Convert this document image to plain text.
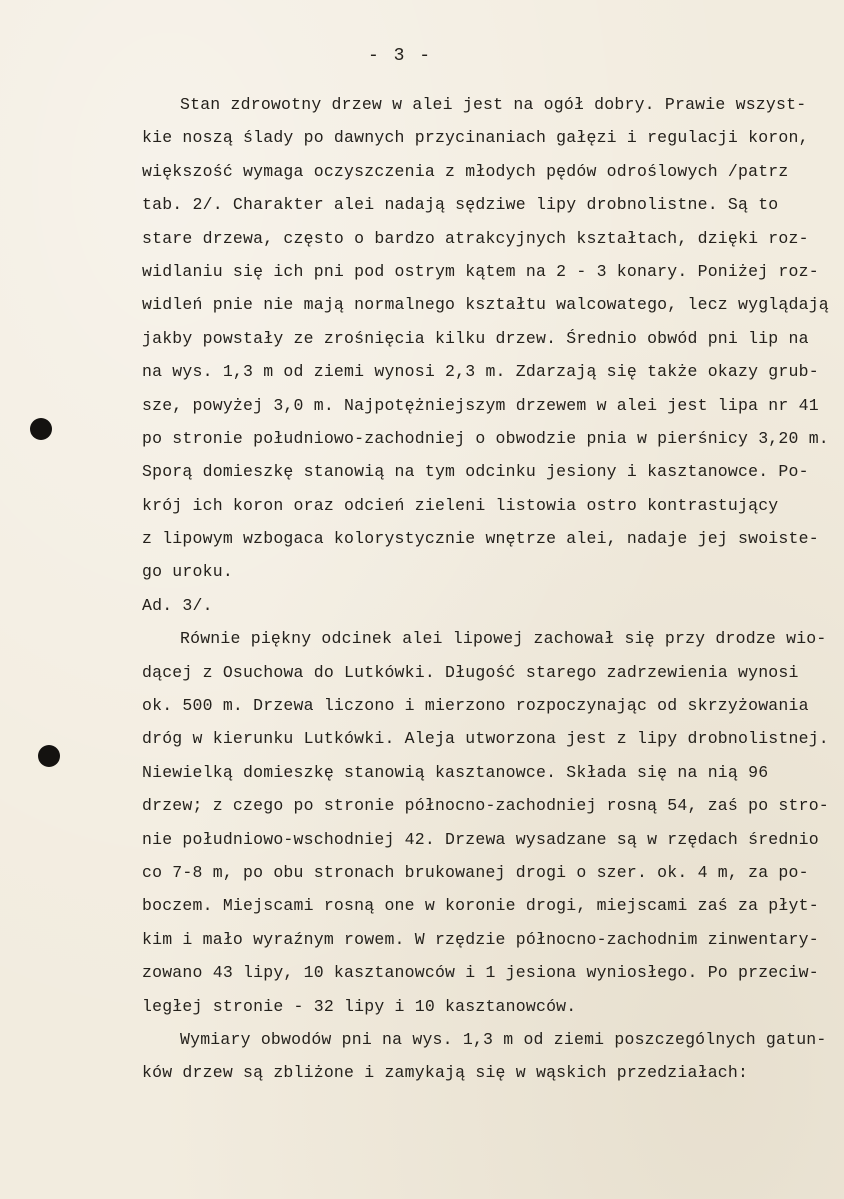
- 3 -
Stan zdrowotny drzew w alei jest na ogół dobry. Prawie wszyst-
kie noszą ślady po dawnych przycinaniach gałęzi i regulacji koron,
większość wymaga oczyszczenia z młodych pędów odroślowych /patrz
tab. 2/. Charakter alei nadają sędziwe lipy drobnolistne. Są to
stare drzewa, często o bardzo atrakcyjnych kształtach, dzięki roz-
widlaniu się ich pni pod ostrym kątem na 2 - 3 konary. Poniżej roz-
widleń pnie nie mają normalnego kształtu walcowatego, lecz wyglądają
jakby powstały ze zrośnięcia kilku drzew. Średnio obwód pni lip na
na wys. 1,3 m od ziemi wynosi 2,3 m. Zdarzają się także okazy grub-
sze, powyżej 3,0 m. Najpotężniejszym drzewem w alei jest lipa nr 41
po stronie południowo-zachodniej o obwodzie pnia w pierśnicy 3,20 m.
Sporą domieszkę stanowią na tym odcinku jesiony i kasztanowce. Po-
krój ich koron oraz odcień zieleni listowia ostro kontrastujący
z lipowym wzbogaca kolorystycznie wnętrze alei, nadaje jej swoiste-
go uroku.
Ad. 3/.
Równie piękny odcinek alei lipowej zachował się przy drodze wio-
dącej z Osuchowa do Lutkówki. Długość starego zadrzewienia wynosi
ok. 500 m. Drzewa liczono i mierzono rozpoczynając od skrzyżowania
dróg w kierunku Lutkówki. Aleja utworzona jest z lipy drobnolistnej.
Niewielką domieszkę stanowią kasztanowce. Składa się na nią 96
drzew; z czego po stronie północno-zachodniej rosną 54, zaś po stro-
nie południowo-wschodniej 42. Drzewa wysadzane są w rzędach średnio
co 7-8 m, po obu stronach brukowanej drogi o szer. ok. 4 m, za po-
boczem. Miejscami rosną one w koronie drogi, miejscami zaś za płyt-
kim i mało wyraźnym rowem. W rzędzie północno-zachodnim zinwentary-
zowano 43 lipy, 10 kasztanowców i 1 jesiona wyniosłego. Po przeciw-
ległej stronie - 32 lipy i 10 kasztanowców.
Wymiary obwodów pni na wys. 1,3 m od ziemi poszczególnych gatun-
ków drzew są zbliżone i zamykają się w wąskich przedziałach:
